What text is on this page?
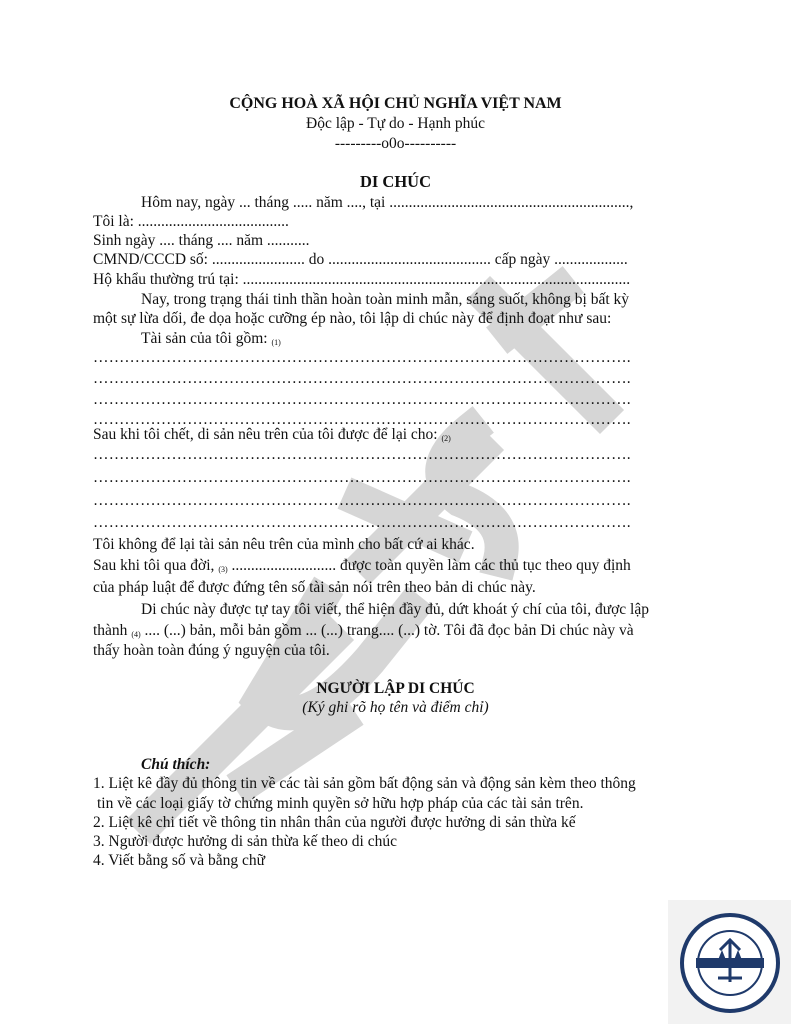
CỘNG HOÀ XÃ HỘI CHỦ NGHĨA VIỆT NAM
Độc lập - Tự do - Hạnh phúc
---------o0o----------
DI CHÚC
Hôm nay, ngày ... tháng ..... năm ...., tại ..............................................................,
Tôi là: .......................................
Sinh ngày .... tháng .... năm ...........
CMND/CCCD số: ........................ do .......................................... cấp ngày ...................
Hộ khẩu thường trú tại: ....................................................................................................
Nay, trong trạng thái tinh thần hoàn toàn minh mẫn, sáng suốt, không bị bất kỳ
một sự lừa dối, đe dọa hoặc cưỡng ép nào, tôi lập di chúc này để định đoạt như sau:
Tài sản của tôi gồm: (1)
………………………………………………………………………………………….
………………………………………………………………………………………….
………………………………………………………………………………………….
………………………………………………………………………………………….
Sau khi tôi chết, di sản nêu trên của tôi được để lại cho: (2)
………………………………………………………………………………………….
………………………………………………………………………………………….
………………………………………………………………………………………….
………………………………………………………………………………………….
Tôi không để lại tài sản nêu trên của mình cho bất cứ ai khác.
Sau khi tôi qua đời, (3) ........................... được toàn quyền làm các thủ tục theo quy định
của pháp luật để được đứng tên số tài sản nói trên theo bản di chúc này.
Di chúc này được tự tay tôi viết, thể hiện đầy đủ, dứt khoát ý chí của tôi, được lập
thành (4) .... (...) bản, mỗi bản gồm ... (...) trang.... (...) tờ. Tôi đã đọc bản Di chúc này và
thấy hoàn toàn đúng ý nguyện của tôi.
NGƯỜI LẬP DI CHÚC
(Ký ghi rõ họ tên và điểm chỉ)
Chú thích:
1. Liệt kê đầy đủ thông tin về các tài sản gồm bất động sản và động sản kèm theo thông
tin về các loại giấy tờ chứng minh quyền sở hữu hợp pháp của các tài sản trên.
2. Liệt kê chi tiết về thông tin nhân thân của người được hưởng di sản thừa kế
3. Người được hưởng di sản thừa kế theo di chúc
4. Viết bằng số và bằng chữ
